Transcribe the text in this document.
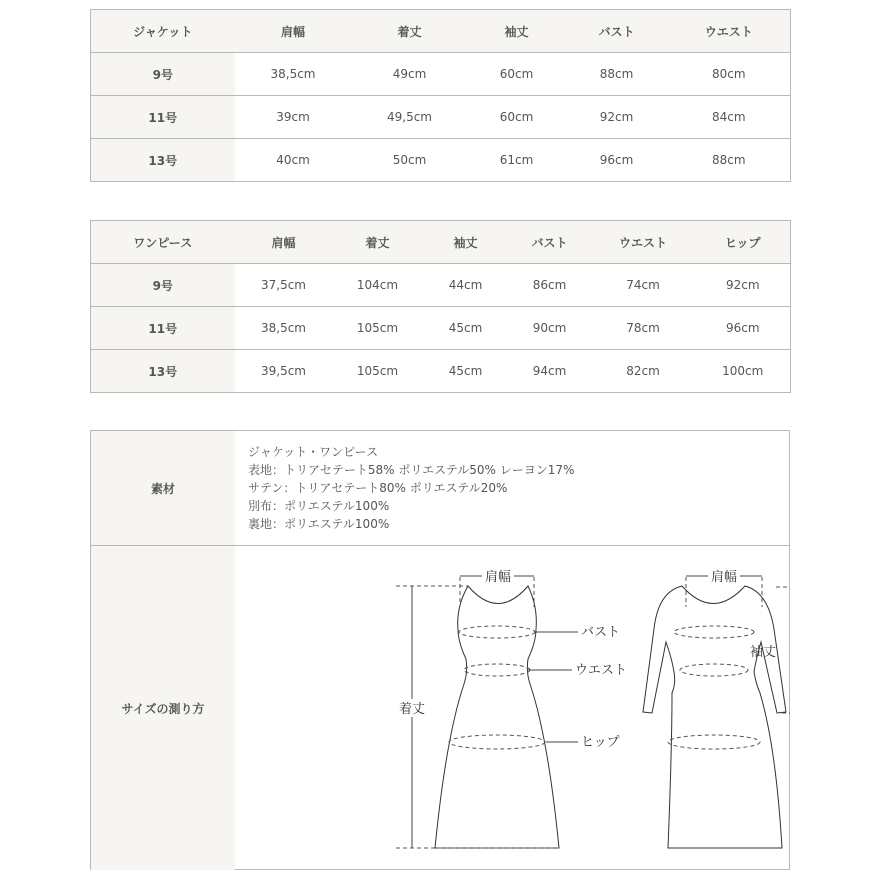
ジャケット	肩幅	着丈	袖丈	バスト	ウエスト
9号	38,5cm	49cm	60cm	88cm	80cm
11号	39cm	49,5cm	60cm	92cm	84cm
13号	40cm	50cm	61cm	96cm	88cm
ワンピース	肩幅	着丈	袖丈	バスト	ウエスト	ヒップ
9号	37,5cm	104cm	44cm	86cm	74cm	92cm
11号	38,5cm	105cm	45cm	90cm	78cm	96cm
13号	39,5cm	105cm	45cm	94cm	82cm	100cm
素材
ジャケット・ワンピース
表地：トリアセテート58% ポリエステル50% レーヨン17%
サテン：トリアセテート80% ポリエステル20%
別布：ポリエステル100%
裏地：ポリエステル100%
サイズの測り方
肩幅	肩幅
バスト
ウエスト
ヒップ
着丈
袖丈
